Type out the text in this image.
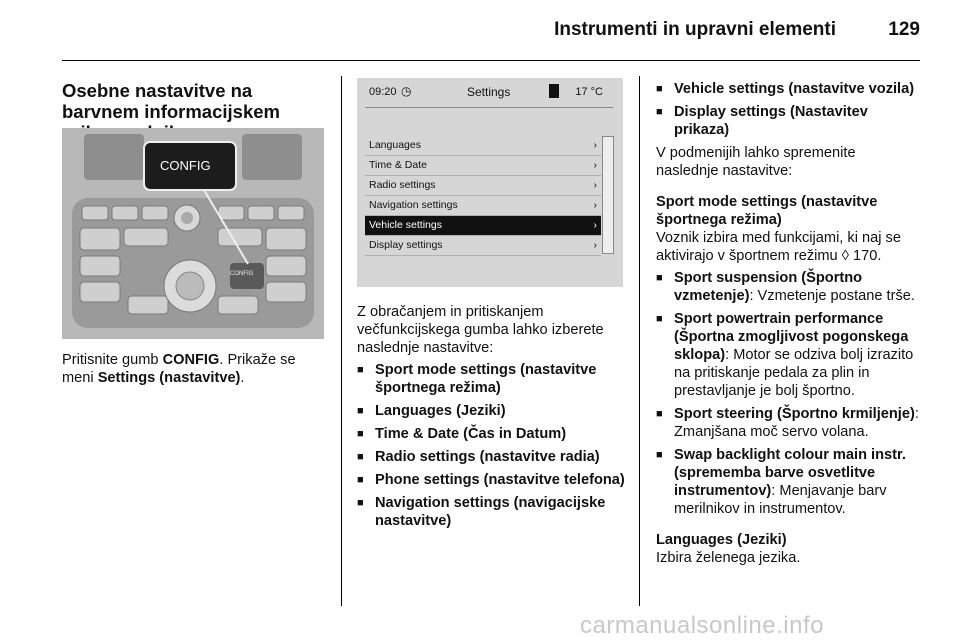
Instrumenti in upravni elementi	129

Osebne nastavitve na barvnem informacijskem

CONFIG
CONFIG

Pritisnite gumb CONFIG. Prikaže se meni Settings (nastavitve).

09:20 ◷	Settings	17 °C
Languages	›
Time & Date	›
Radio settings	›
Navigation settings	›
Vehicle settings	›
Display settings	›

Z obračanjem in pritiskanjem večfunkcijskega gumba lahko izberete naslednje nastavitve:

■ Sport mode settings (nastavitve športnega režima)
■ Languages (Jeziki)
■ Time & Date (Čas in Datum)
■ Radio settings (nastavitve radia)
■ Phone settings (nastavitve telefona)
■ Navigation settings (navigacijske nastavitve)
■ Vehicle settings (nastavitve vozila)
■ Display settings (Nastavitev prikaza)

V podmenijih lahko spremenite naslednje nastavitve:

Sport mode settings (nastavitve športnega režima)

Voznik izbira med funkcijami, ki naj se aktivirajo v športnem režimu ◊ 170.

■ Sport suspension (Športno vzmetenje): Vzmetenje postane trše.
■ Sport powertrain performance (Športna zmogljivost pogonskega sklopa): Motor se odziva bolj izrazito na pritiskanje pedala za plin in prestavljanje je bolj športno.
■ Sport steering (Športno krmiljenje): Zmanjšana moč servo volana.
■ Swap backlight colour main instr. (sprememba barve osvetlitve instrumentov): Menjavanje barv merilnikov in instrumentov.

Languages (Jeziki)

Izbira želenega jezika.

carmanualsonline.info
